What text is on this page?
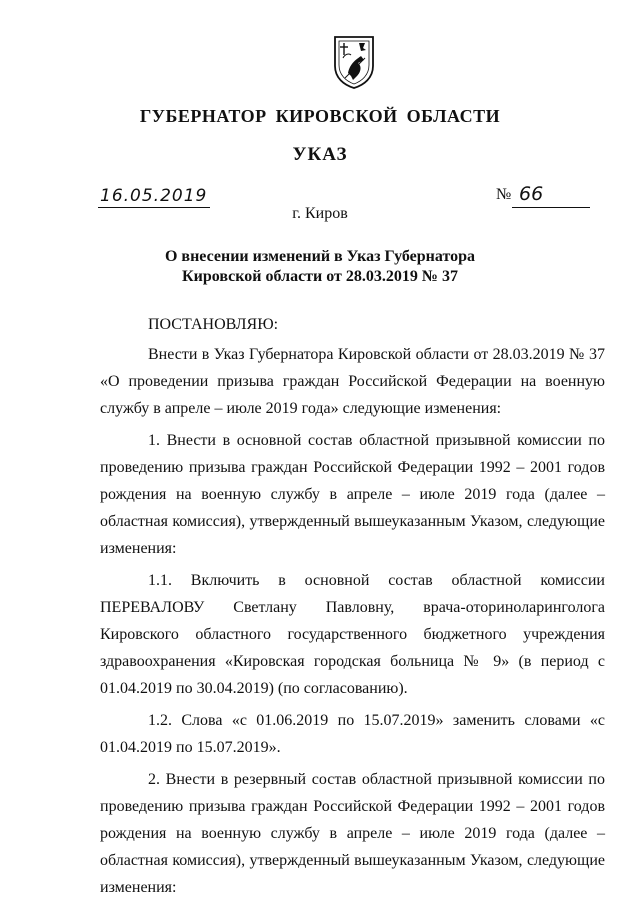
ГУБЕРНАТОР КИРОВСКОЙ ОБЛАСТИ
УКАЗ
16.05.2019	№ 66
г. Киров
О внесении изменений в Указ Губернатора
Кировской области от 28.03.2019 № 37

ПОСТАНОВЛЯЮ:

Внести в Указ Губернатора Кировской области от 28.03.2019 № 37 «О проведении призыва граждан Российской Федерации на военную службу в апреле – июле 2019 года» следующие изменения:

1. Внести в основной состав областной призывной комиссии по проведению призыва граждан Российской Федерации 1992 – 2001 годов рождения на военную службу в апреле – июле 2019 года (далее – областная комиссия), утвержденный вышеуказанным Указом, следующие изменения:

1.1. Включить в основной состав областной комиссии ПЕРЕВАЛОВУ Светлану Павловну, врача-оториноларинголога Кировского областного государственного бюджетного учреждения здравоохранения «Кировская городская больница № 9» (в период с 01.04.2019 по 30.04.2019) (по согласованию).

1.2. Слова «с 01.06.2019 по 15.07.2019» заменить словами «с 01.04.2019 по 15.07.2019».

2. Внести в резервный состав областной призывной комиссии по проведению призыва граждан Российской Федерации 1992 – 2001 годов рождения на военную службу в апреле – июле 2019 года (далее – областная комиссия), утвержденный вышеуказанным Указом, следующие изменения:
